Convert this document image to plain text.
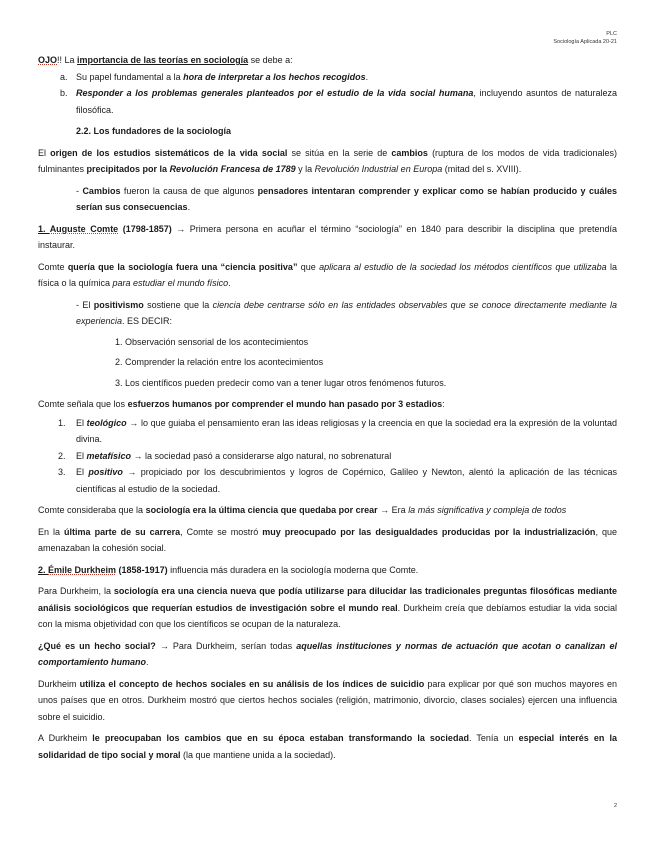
PLC
Sociología Aplicada 20-21

OJO!! La importancia de las teorías en sociología se debe a:

a. Su papel fundamental a la hora de interpretar a los hechos recogidos.
b. Responder a los problemas generales planteados por el estudio de la vida social humana, incluyendo asuntos de naturaleza filosófica.

2.2. Los fundadores de la sociología

El origen de los estudios sistemáticos de la vida social se sitúa en la serie de cambios (ruptura de los modos de vida tradicionales) fulminantes precipitados por la Revolución Francesa de 1789 y la Revolución Industrial en Europa (mitad del s. XVIII).

- Cambios fueron la causa de que algunos pensadores intentaran comprender y explicar como se habían producido y cuáles serían sus consecuencias.

1. Auguste Comte (1798-1857) → Primera persona en acuñar el término “sociología” en 1840 para describir la disciplina que pretendía instaurar.

Comte quería que la sociología fuera una “ciencia positiva” que aplicara al estudio de la sociedad los métodos científicos que utilizaba la física o la química para estudiar el mundo físico.

- El positivismo sostiene que la ciencia debe centrarse sólo en las entidades observables que se conoce directamente mediante la experiencia. ES DECIR:

1. Observación sensorial de los acontecimientos

2. Comprender la relación entre los acontecimientos

3. Los científicos pueden predecir como van a tener lugar otros fenómenos futuros.

Comte señala que los esfuerzos humanos por comprender el mundo han pasado por 3 estadios:

1. El teológico → lo que guiaba el pensamiento eran las ideas religiosas y la creencia en que la sociedad era la expresión de la voluntad divina.
2. El metafísico → la sociedad pasó a considerarse algo natural, no sobrenatural
3. El positivo → propiciado por los descubrimientos y logros de Copérnico, Galileo y Newton, alentó la aplicación de las técnicas científicas al estudio de la sociedad.

Comte consideraba que la sociología era la última ciencia que quedaba por crear → Era la más significativa y compleja de todos

En la última parte de su carrera, Comte se mostró muy preocupado por las desigualdades producidas por la industrialización, que amenazaban la cohesión social.

2. Émile Durkheim (1858-1917) influencia más duradera en la sociología moderna que Comte.

Para Durkheim, la sociología era una ciencia nueva que podía utilizarse para dilucidar las tradicionales preguntas filosóficas mediante análisis sociológicos que requerían estudios de investigación sobre el mundo real. Durkheim creía que debíamos estudiar la vida social con la misma objetividad con que los científicos se ocupan de la naturaleza.

¿Qué es un hecho social? → Para Durkheim, serían todas aquellas instituciones y normas de actuación que acotan o canalizan el comportamiento humano.

Durkheim utiliza el concepto de hechos sociales en su análisis de los índices de suicidio para explicar por qué son muchos mayores en unos países que en otros. Durkheim mostró que ciertos hechos sociales (religión, matrimonio, divorcio, clases sociales) ejercen una influencia sobre el suicidio.

A Durkheim le preocupaban los cambios que en su época estaban transformando la sociedad. Tenía un especial interés en la solidaridad de tipo social y moral (la que mantiene unida a la sociedad).

2
